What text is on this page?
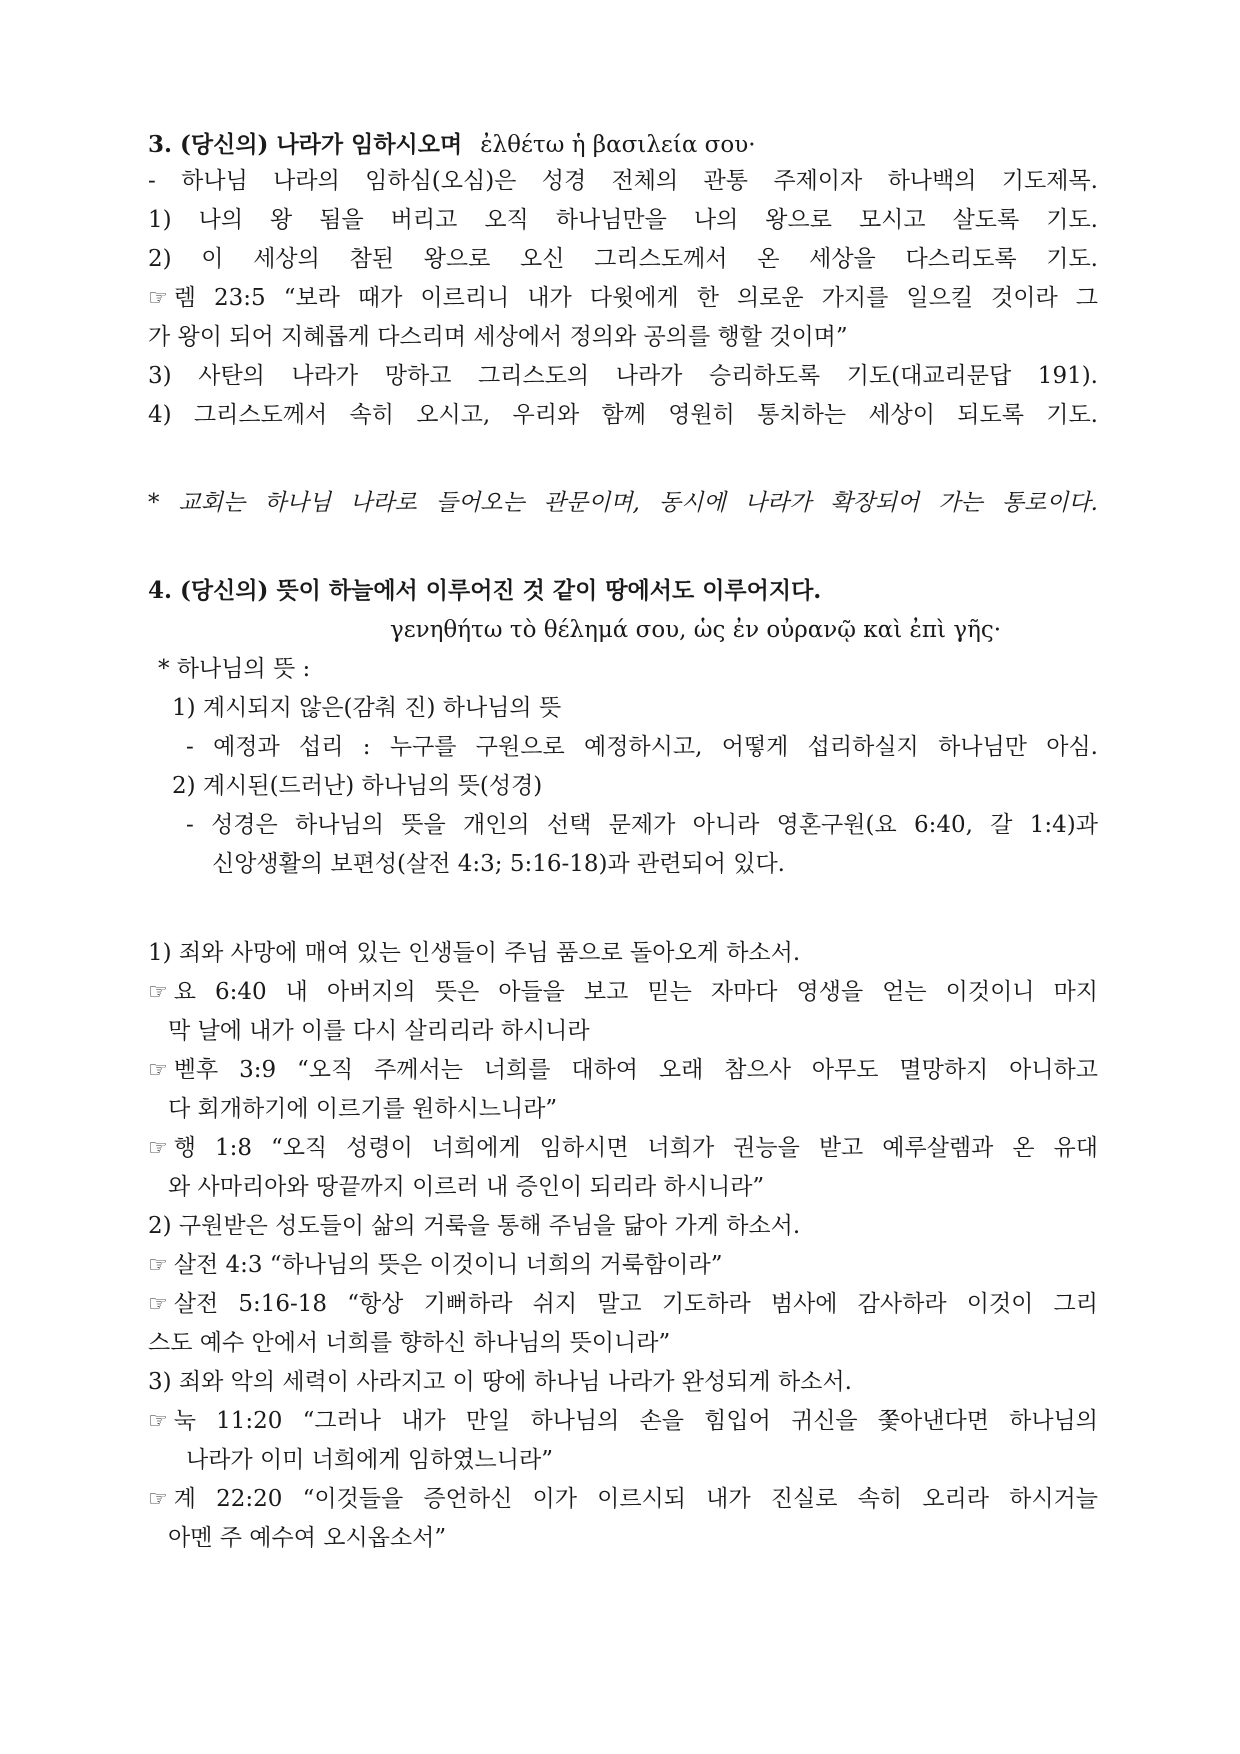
3. (당신의) 나라가 임하시오며 ἐλθέτω ἡ βασιλεία σου·
- 하나님 나라의 임하심(오심)은 성경 전체의 관통 주제이자 하나백의 기도제목.
1) 나의 왕 됨을 버리고 오직 하나님만을 나의 왕으로 모시고 살도록 기도.
2) 이 세상의 참된 왕으로 오신 그리스도께서 온 세상을 다스리도록 기도.
☞ 렘 23:5 “보라 때가 이르리니 내가 다윗에게 한 의로운 가지를 일으킬 것이라 그
가 왕이 되어 지혜롭게 다스리며 세상에서 정의와 공의를 행할 것이며”
3) 사탄의 나라가 망하고 그리스도의 나라가 승리하도록 기도(대교리문답 191).
4) 그리스도께서 속히 오시고, 우리와 함께 영원히 통치하는 세상이 되도록 기도.
* 교회는 하나님 나라로 들어오는 관문이며, 동시에 나라가 확장되어 가는 통로이다.
4. (당신의) 뜻이 하늘에서 이루어진 것 같이 땅에서도 이루어지다.
γενηθήτω τὸ θέλημά σου, ὡς ἐν οὐρανῷ καὶ ἐπὶ γῆς·
* 하나님의 뜻 :
1) 계시되지 않은(감춰 진) 하나님의 뜻
- 예정과 섭리 : 누구를 구원으로 예정하시고, 어떻게 섭리하실지 하나님만 아심.
2) 계시된(드러난) 하나님의 뜻(성경)
- 성경은 하나님의 뜻을 개인의 선택 문제가 아니라 영혼구원(요 6:40, 갈 1:4)과
신앙생활의 보편성(살전 4:3; 5:16-18)과 관련되어 있다.
1) 죄와 사망에 매여 있는 인생들이 주님 품으로 돌아오게 하소서.
☞ 요 6:40 내 아버지의 뜻은 아들을 보고 믿는 자마다 영생을 얻는 이것이니 마지
막 날에 내가 이를 다시 살리리라 하시니라
☞ 벧후 3:9 “오직 주께서는 너희를 대하여 오래 참으사 아무도 멸망하지 아니하고
다 회개하기에 이르기를 원하시느니라”
☞ 행 1:8 “오직 성령이 너희에게 임하시면 너희가 권능을 받고 예루살렘과 온 유대
와 사마리아와 땅끝까지 이르러 내 증인이 되리라 하시니라”
2) 구원받은 성도들이 삶의 거룩을 통해 주님을 닮아 가게 하소서.
☞ 살전 4:3 “하나님의 뜻은 이것이니 너희의 거룩함이라”
☞ 살전 5:16-18 “항상 기뻐하라 쉬지 말고 기도하라 범사에 감사하라 이것이 그리
스도 예수 안에서 너희를 향하신 하나님의 뜻이니라”
3) 죄와 악의 세력이 사라지고 이 땅에 하나님 나라가 완성되게 하소서.
☞ 눅 11:20 “그러나 내가 만일 하나님의 손을 힘입어 귀신을 쫓아낸다면 하나님의
나라가 이미 너희에게 임하였느니라”
☞ 계 22:20 “이것들을 증언하신 이가 이르시되 내가 진실로 속히 오리라 하시거늘
아멘 주 예수여 오시옵소서”
